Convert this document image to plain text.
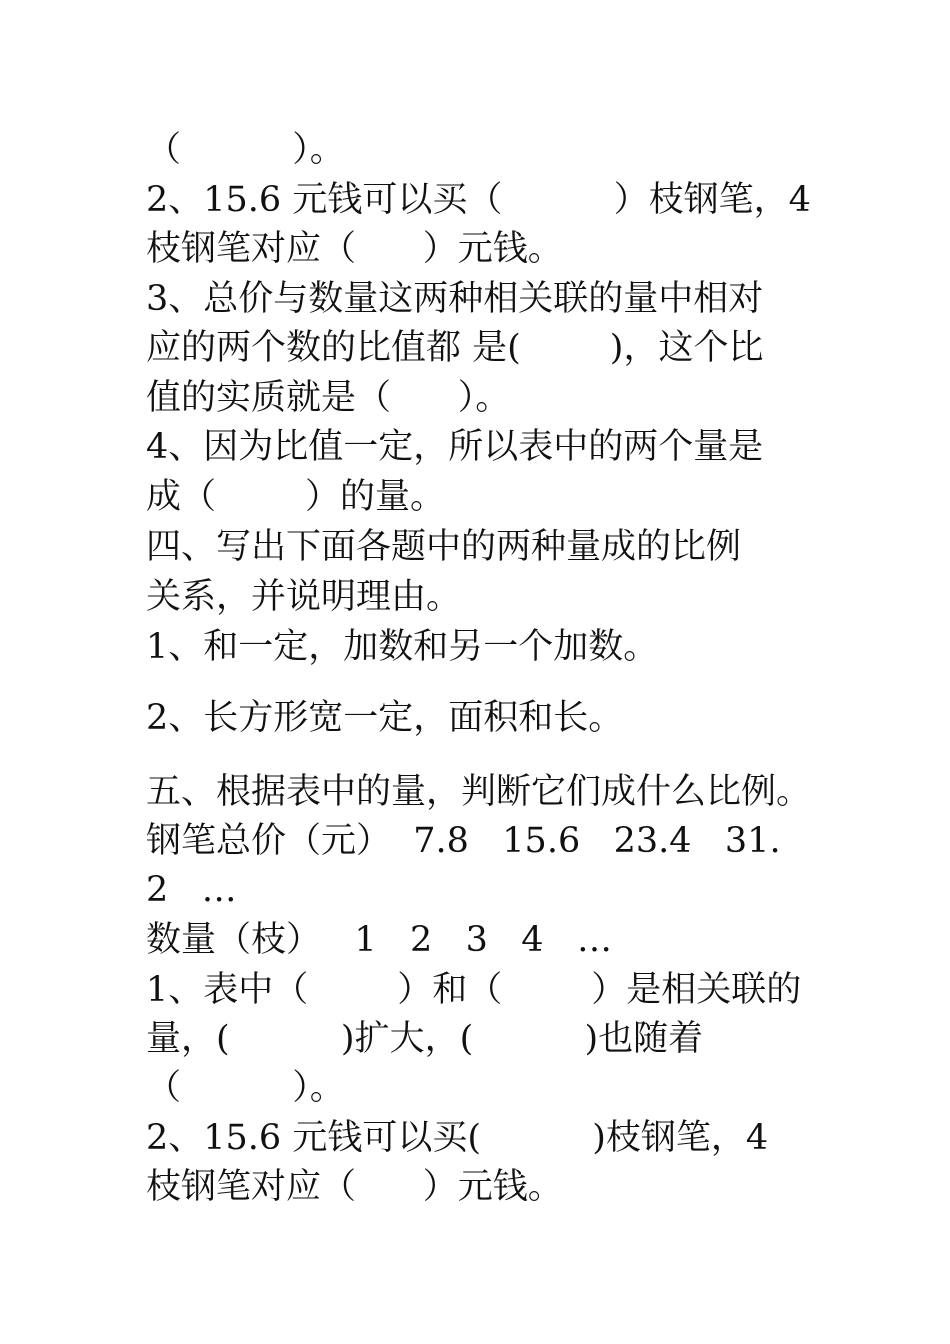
（          ）。
2、15.6 元钱可以买（          ）枝钢笔，4
枝钢笔对应（      ）元钱。
3、总价与数量这两种相关联的量中相对
应的两个数的比值都 是(        )，这个比
值的实质就是（      ）。
4、因为比值一定，所以表中的两个量是
成（        ）的量。
四、写出下面各题中的两种量成的比例
关系，并说明理由。
1、和一定，加数和另一个加数。
2、长方形宽一定，面积和长。
五、根据表中的量，判断它们成什么比例。
钢笔总价（元）  7.8   15.6   23.4   31.
2   …
数量（枝）   1   2   3   4   …
1、表中（        ）和（        ）是相关联的
量，(          )扩大，(          )也随着
（          ）。
2、15.6 元钱可以买(          )枝钢笔，4
枝钢笔对应（      ）元钱。
